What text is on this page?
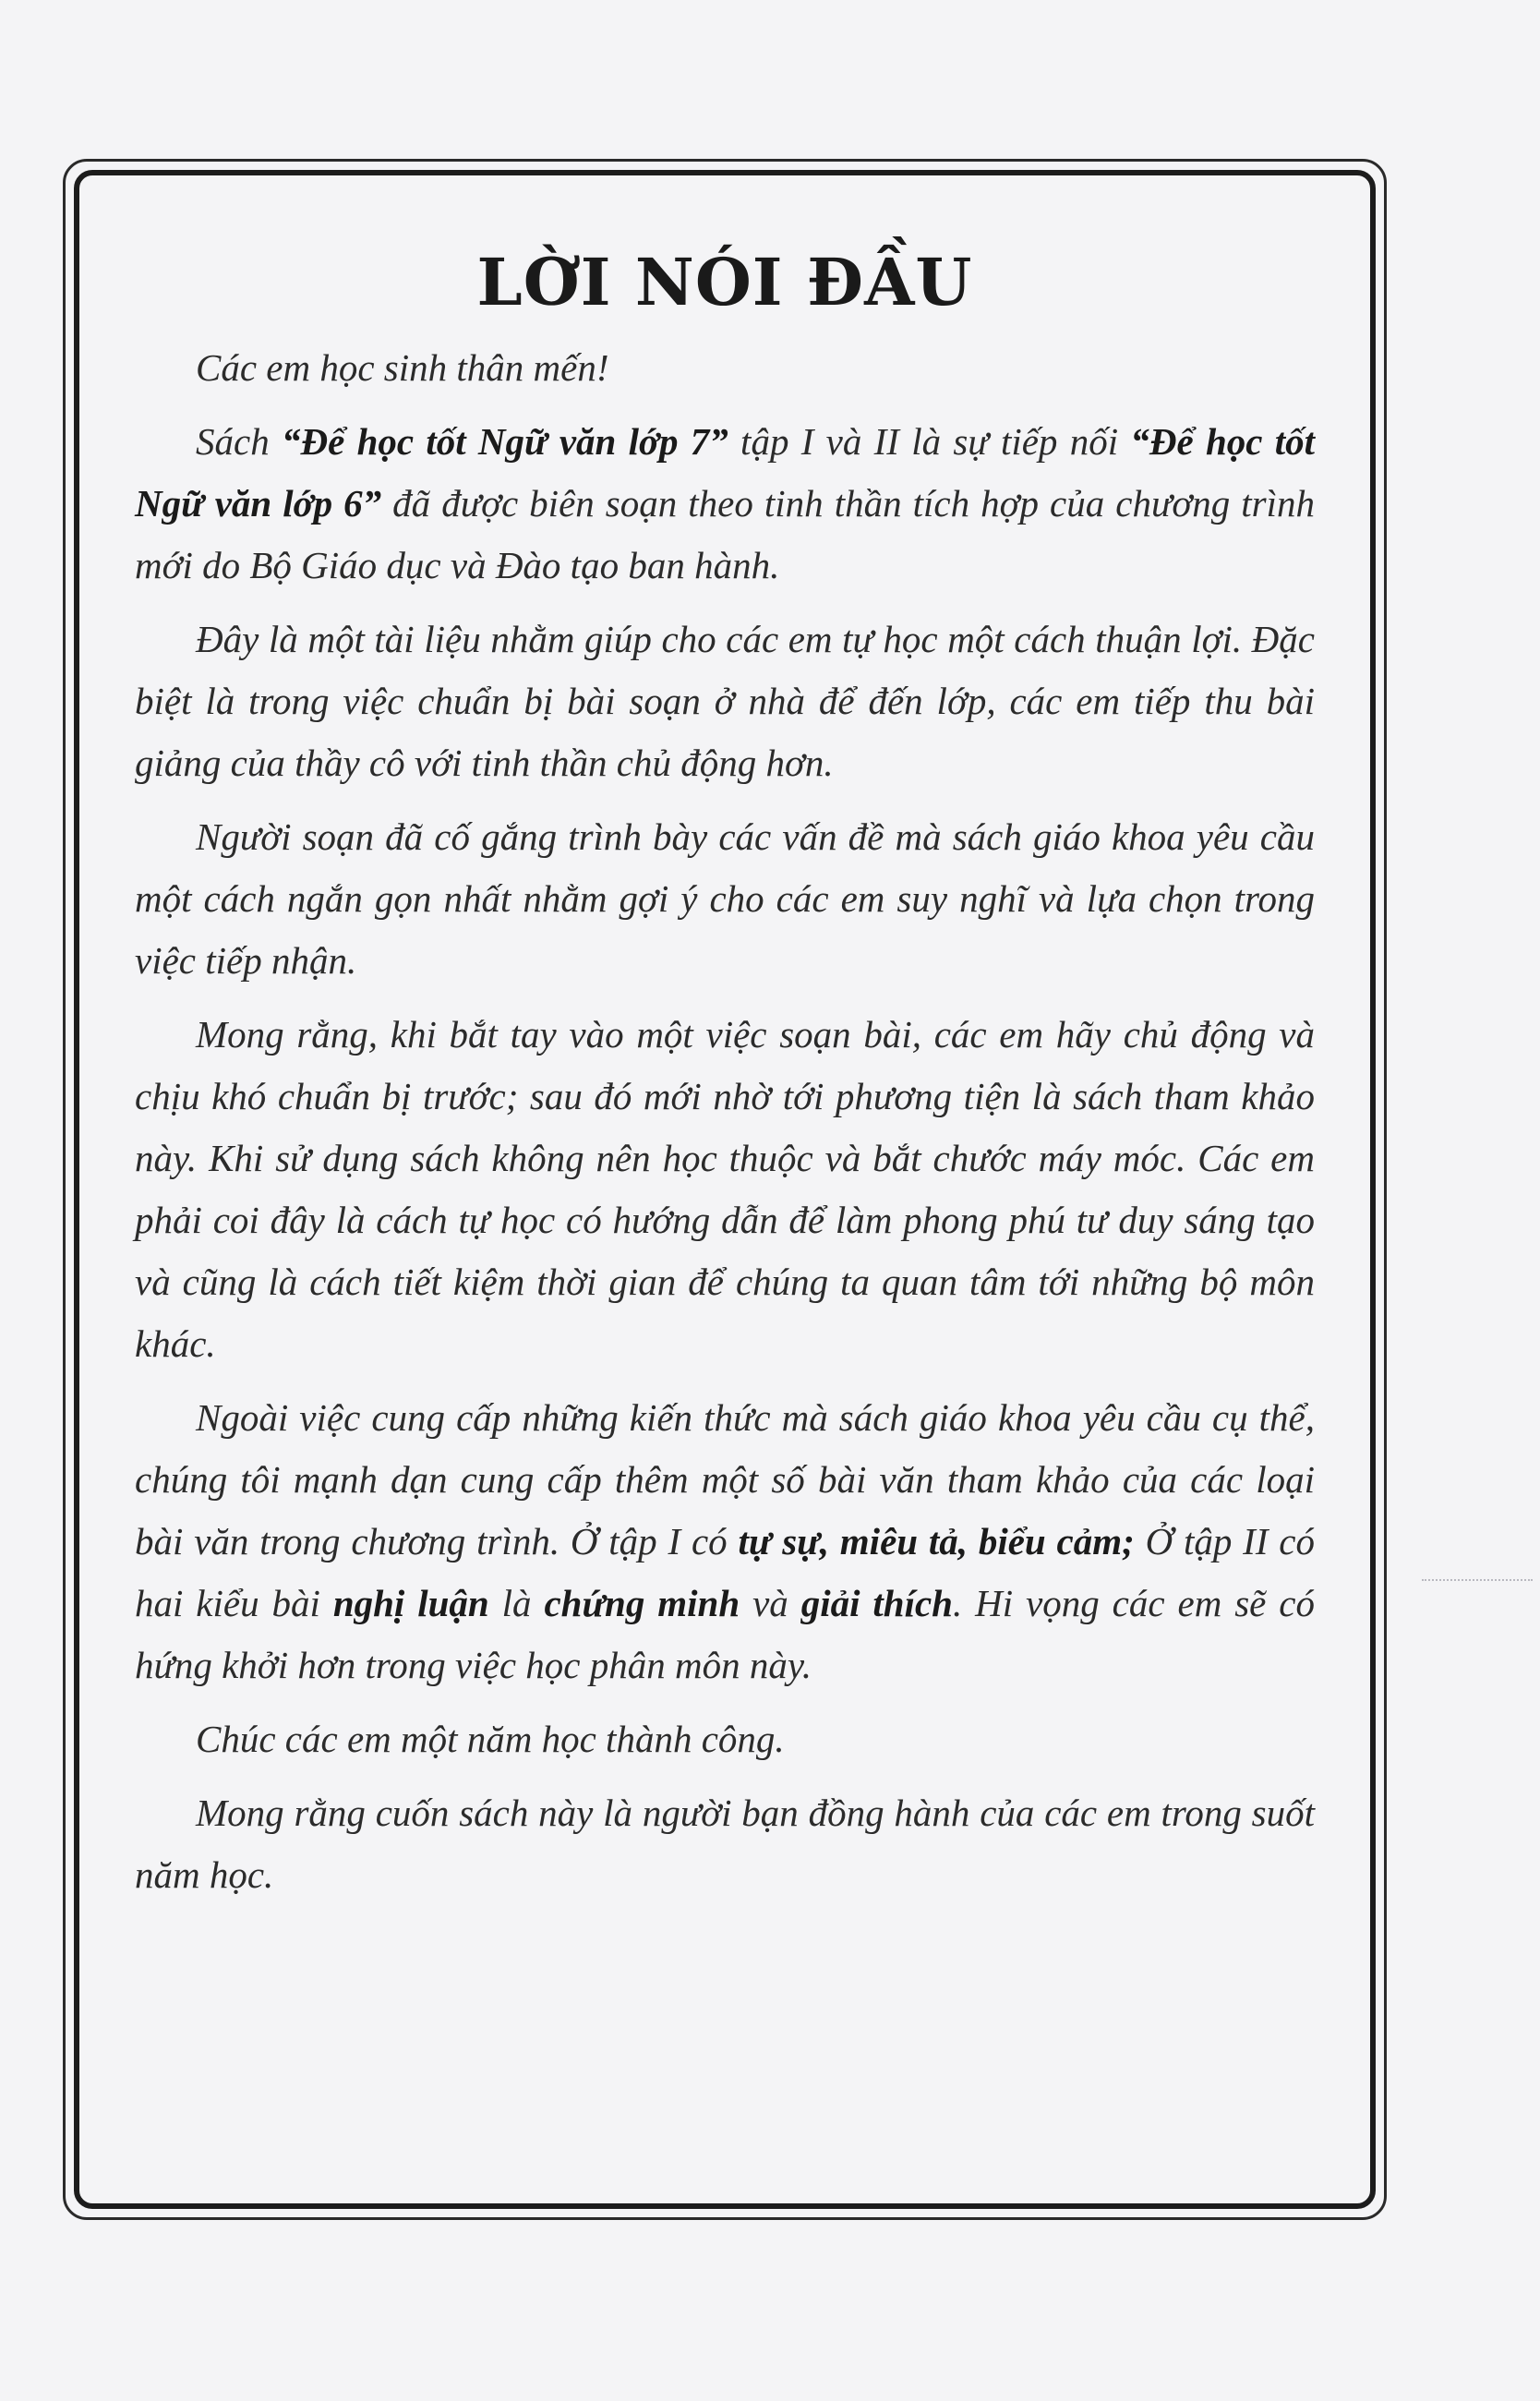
LỜI NÓI ĐẦU

Các em học sinh thân mến!

Sách “Để học tốt Ngữ văn lớp 7” tập I và II là sự tiếp nối “Để học tốt Ngữ văn lớp 6” đã được biên soạn theo tinh thần tích hợp của chương trình mới do Bộ Giáo dục và Đào tạo ban hành.

Đây là một tài liệu nhằm giúp cho các em tự học một cách thuận lợi. Đặc biệt là trong việc chuẩn bị bài soạn ở nhà để đến lớp, các em tiếp thu bài giảng của thầy cô với tinh thần chủ động hơn.

Người soạn đã cố gắng trình bày các vấn đề mà sách giáo khoa yêu cầu một cách ngắn gọn nhất nhằm gợi ý cho các em suy nghĩ và lựa chọn trong việc tiếp nhận.

Mong rằng, khi bắt tay vào một việc soạn bài, các em hãy chủ động và chịu khó chuẩn bị trước; sau đó mới nhờ tới phương tiện là sách tham khảo này. Khi sử dụng sách không nên học thuộc và bắt chước máy móc. Các em phải coi đây là cách tự học có hướng dẫn để làm phong phú tư duy sáng tạo và cũng là cách tiết kiệm thời gian để chúng ta quan tâm tới những bộ môn khác.

Ngoài việc cung cấp những kiến thức mà sách giáo khoa yêu cầu cụ thể, chúng tôi mạnh dạn cung cấp thêm một số bài văn tham khảo của các loại bài văn trong chương trình. Ở tập I có tự sự, miêu tả, biểu cảm; Ở tập II có hai kiểu bài nghị luận là chứng minh và giải thích. Hi vọng các em sẽ có hứng khởi hơn trong việc học phân môn này.

Chúc các em một năm học thành công.

Mong rằng cuốn sách này là người bạn đồng hành của các em trong suốt năm học.
